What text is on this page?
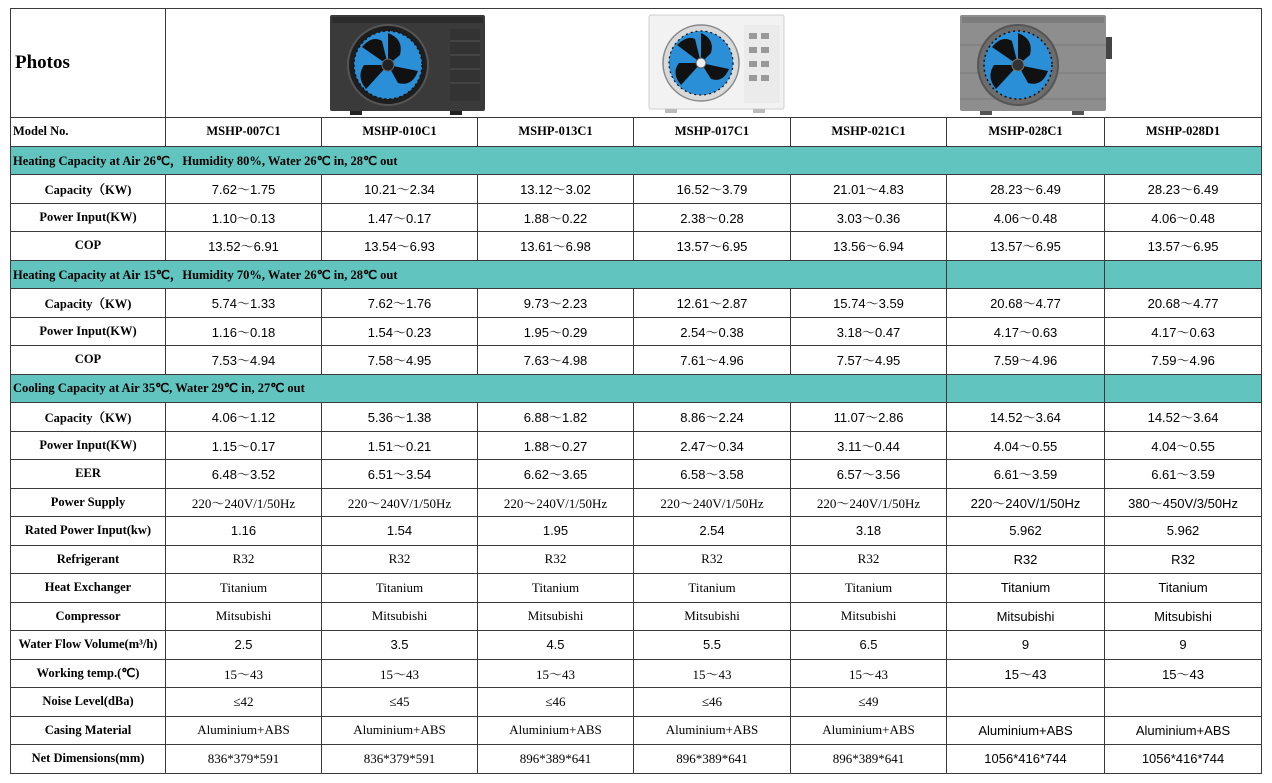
Photos	

Model No.	MSHP-007C1	MSHP-010C1	MSHP-013C1	MSHP-017C1	MSHP-021C1	MSHP-028C1	MSHP-028D1
Heating Capacity at Air 26℃，Humidity 80%, Water 26℃ in, 28℃ out							
Capacity（KW)	7.62～1.75	10.21～2.34	13.12～3.02	16.52～3.79	21.01～4.83	28.23～6.49	28.23～6.49
Power Input(KW)	1.10～0.13	1.47～0.17	1.88～0.22	2.38～0.28	3.03～0.36	4.06～0.48	4.06～0.48
COP	13.52～6.91	13.54～6.93	13.61～6.98	13.57～6.95	13.56～6.94	13.57～6.95	13.57～6.95
Heating Capacity at Air 15℃，Humidity 70%, Water 26℃ in, 28℃ out							
Capacity（KW)	5.74～1.33	7.62～1.76	9.73～2.23	12.61～2.87	15.74～3.59	20.68～4.77	20.68～4.77
Power Input(KW)	1.16～0.18	1.54～0.23	1.95～0.29	2.54～0.38	3.18～0.47	4.17～0.63	4.17～0.63
COP	7.53～4.94	7.58～4.95	7.63～4.98	7.61～4.96	7.57～4.95	7.59～4.96	7.59～4.96
Cooling Capacity at Air 35℃, Water 29℃ in, 27℃ out							
Capacity（KW)	4.06～1.12	5.36～1.38	6.88～1.82	8.86～2.24	11.07～2.86	14.52～3.64	14.52～3.64
Power Input(KW)	1.15～0.17	1.51～0.21	1.88～0.27	2.47～0.34	3.11～0.44	4.04～0.55	4.04～0.55
EER	6.48～3.52	6.51～3.54	6.62～3.65	6.58～3.58	6.57～3.56	6.61～3.59	6.61～3.59
Power Supply	220～240V/1/50Hz	220～240V/1/50Hz	220～240V/1/50Hz	220～240V/1/50Hz	220～240V/1/50Hz	220～240V/1/50Hz	380～450V/3/50Hz
Rated Power Input(kw)	1.16	1.54	1.95	2.54	3.18	5.962	5.962
Refrigerant	R32	R32	R32	R32	R32	R32	R32
Heat Exchanger	Titanium	Titanium	Titanium	Titanium	Titanium	Titanium	Titanium
Compressor	Mitsubishi	Mitsubishi	Mitsubishi	Mitsubishi	Mitsubishi	Mitsubishi	Mitsubishi
Water Flow Volume(m³/h)	2.5	3.5	4.5	5.5	6.5	9	9
Working temp.(℃)	15～43	15～43	15～43	15～43	15～43	15～43	15～43
Noise Level(dBa)	≤42	≤45	≤46	≤46	≤49		
Casing Material	Aluminium+ABS	Aluminium+ABS	Aluminium+ABS	Aluminium+ABS	Aluminium+ABS	Aluminium+ABS	Aluminium+ABS
Net Dimensions(mm)	836*379*591	836*379*591	896*389*641	896*389*641	896*389*641	1056*416*744	1056*416*744
